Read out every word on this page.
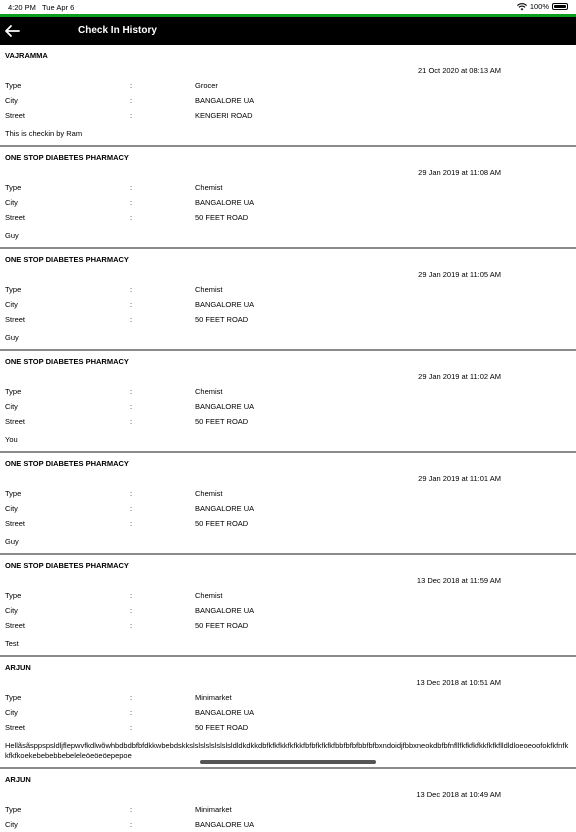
4:20 PM Tue Apr 6	100%
Check In History
VAJRAMMA
21 Oct 2020 at 08:13 AM
Type	:	Grocer
City	:	BANGALORE UA
Street	:	KENGERI ROAD
This is checkin by Ram
ONE STOP DIABETES PHARMACY
29 Jan 2019 at 11:08 AM
Type	:	Chemist
City	:	BANGALORE UA
Street	:	50 FEET ROAD
Guy
ONE STOP DIABETES PHARMACY
29 Jan 2019 at 11:05 AM
Type	:	Chemist
City	:	BANGALORE UA
Street	:	50 FEET ROAD
Guy
ONE STOP DIABETES PHARMACY
29 Jan 2019 at 11:02 AM
Type	:	Chemist
City	:	BANGALORE UA
Street	:	50 FEET ROAD
You
ONE STOP DIABETES PHARMACY
29 Jan 2019 at 11:01 AM
Type	:	Chemist
City	:	BANGALORE UA
Street	:	50 FEET ROAD
Guy
ONE STOP DIABETES PHARMACY
13 Dec 2018 at 11:59 AM
Type	:	Chemist
City	:	BANGALORE UA
Street	:	50 FEET ROAD
Test
ARJUN
13 Dec 2018 at 10:51 AM
Type	:	Minimarket
City	:	BANGALORE UA
Street	:	50 FEET ROAD
Hellãsãsppspsldljflepwvfkdlwõwhbdbdbfbfdkkwbebdskkslslslslslslslsldldkdkkdbfkfkfkkfkfkkfbfbfkfkfkfbbfbfbfbbfbfbxndoidjfbbxneokdbfbfnfllfkfkfkfkkfkfkflldldloeoeoofokfkfnfkkfkfkoekebebebbebeleleöeöeöepepoe
ARJUN
13 Dec 2018 at 10:49 AM
Type	:	Minimarket
City	:	BANGALORE UA
